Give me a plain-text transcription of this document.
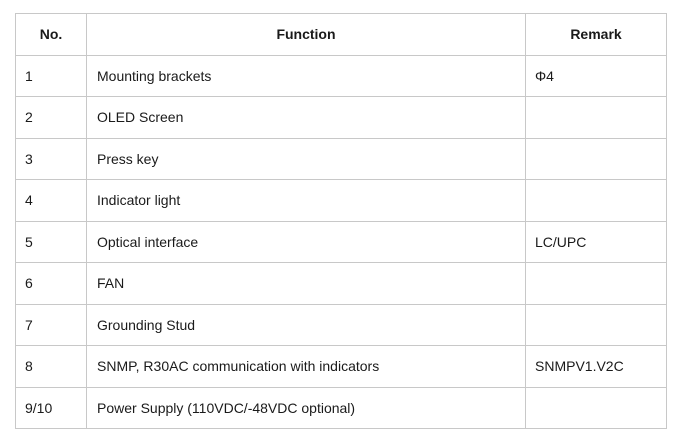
No.	Function	Remark
1	Mounting brackets	Φ4
2	OLED Screen	
3	Press key	
4	Indicator light	
5	Optical interface	LC/UPC
6	FAN	
7	Grounding Stud	
8	SNMP, R30AC communication with indicators	SNMPV1.V2C
9/10	Power Supply (110VDC/-48VDC optional)	
